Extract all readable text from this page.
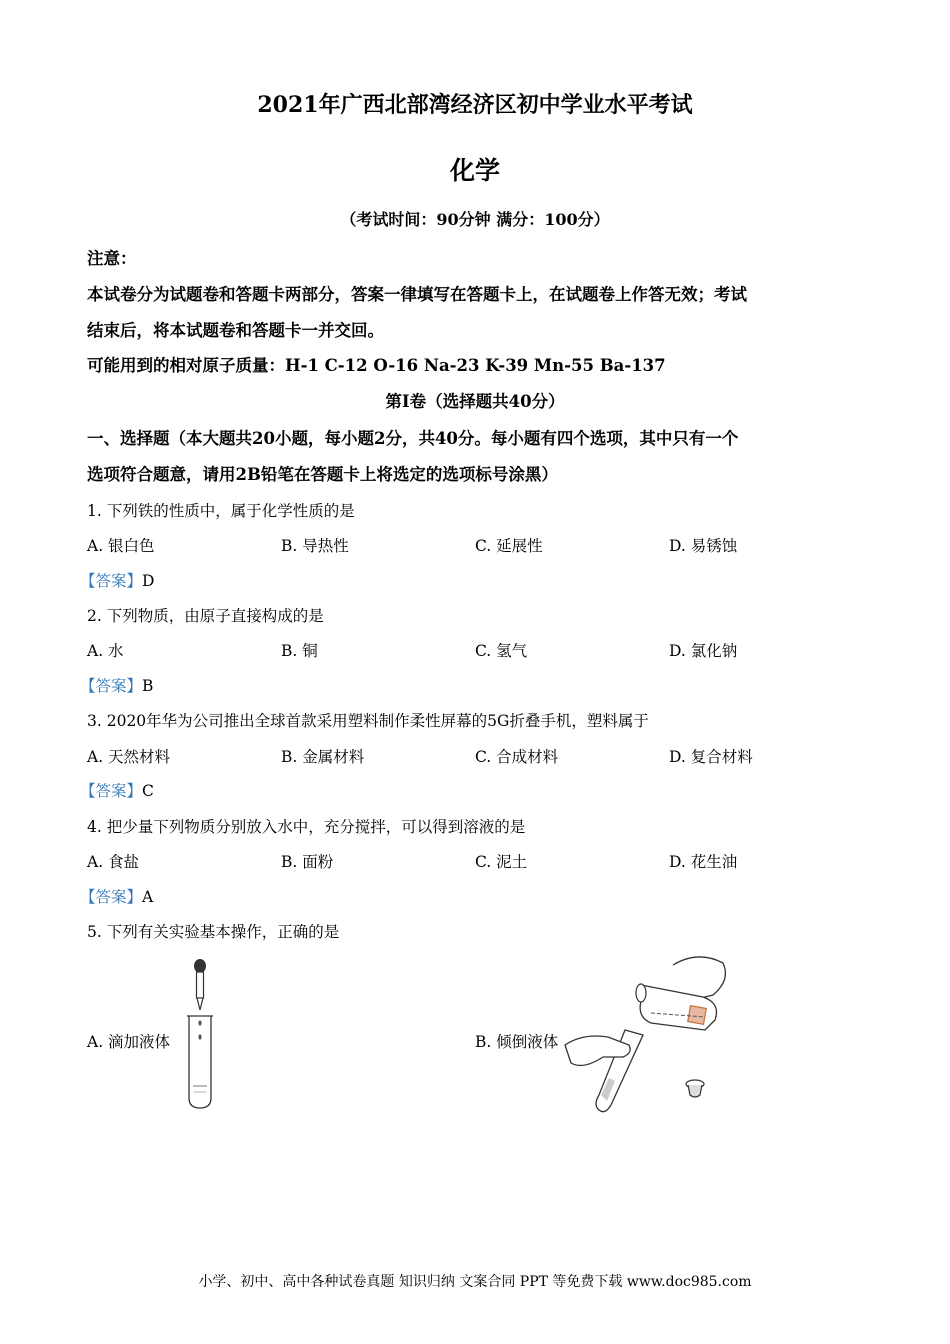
2021年广西北部湾经济区初中学业水平考试
化学
（考试时间：90分钟 满分：100分）
注意：
本试卷分为试题卷和答题卡两部分，答案一律填写在答题卡上，在试题卷上作答无效；考试
结束后，将本试题卷和答题卡一并交回。
可能用到的相对原子质量：H-1 C-12 O-16 Na-23 K-39 Mn-55 Ba-137
第Ⅰ卷（选择题共40分）
一、选择题（本大题共20小题，每小题2分，共40分。每小题有四个选项，其中只有一个
选项符合题意，请用2B铅笔在答题卡上将选定的选项标号涂黑）
1. 下列铁的性质中，属于化学性质的是
A. 银白色	B. 导热性	C. 延展性	D. 易锈蚀
【答案】D
2. 下列物质，由原子直接构成的是
A. 水	B. 铜	C. 氢气	D. 氯化钠
【答案】B
3. 2020年华为公司推出全球首款采用塑料制作柔性屏幕的5G折叠手机，塑料属于
A. 天然材料	B. 金属材料	C. 合成材料	D. 复合材料
【答案】C
4. 把少量下列物质分别放入水中，充分搅拌，可以得到溶液的是
A. 食盐	B. 面粉	C. 泥土	D. 花生油
【答案】A
5. 下列有关实验基本操作，正确的是
A. 滴加液体	B. 倾倒液体
小学、初中、高中各种试卷真题 知识归纳 文案合同 PPT 等免费下载 www.doc985.com
